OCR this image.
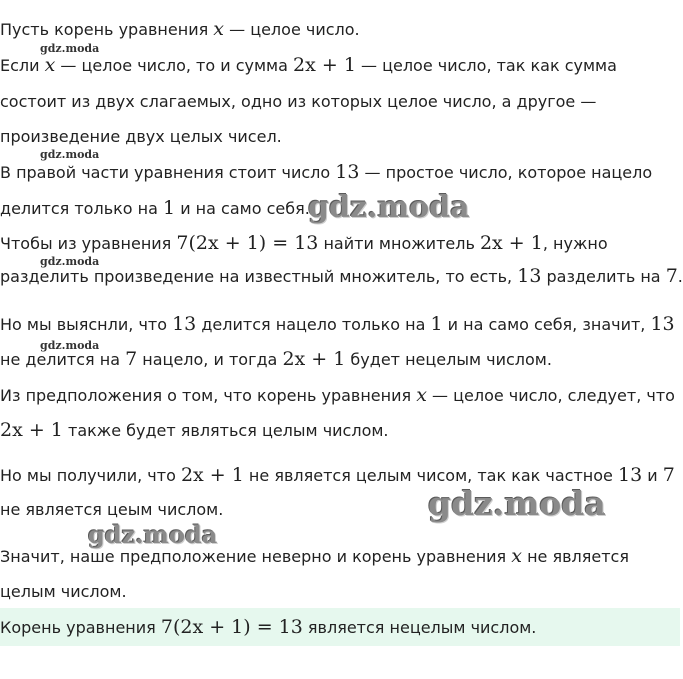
Пусть корень уравнения x — целое число.
Если x — целое число, то и сумма 2x + 1 — целое число, так как сумма
состоит из двух слагаемых, одно из которых целое число, а другое —
произведение двух целых чисел.
В правой части уравнения стоит число 13 — простое число, которое нацело
делится только на 1 и на само себя.
Чтобы из уравнения 7(2x + 1) = 13 найти множитель 2x + 1, нужно
разделить произведение на известный множитель, то есть, 13 разделить на 7.
Но мы выяснли, что 13 делится нацело только на 1 и на само себя, значит, 13
не делится на 7 нацело, и тогда 2x + 1 будет нецелым числом.
Из предположения о том, что корень уравнения x — целое число, следует, что
2x + 1 также будет являться целым числом.
Но мы получили, что 2x + 1 не является целым чисом, так как частное 13 и 7
не является цеым числом.
Значит, наше предположение неверно и корень уравнения x не является
целым числом.
Корень уравнения 7(2x + 1) = 13 является нецелым числом.
gdz.moda
gdz.moda
gdz.moda
gdz.moda
gdz.moda
gdz.moda
gdz.moda
